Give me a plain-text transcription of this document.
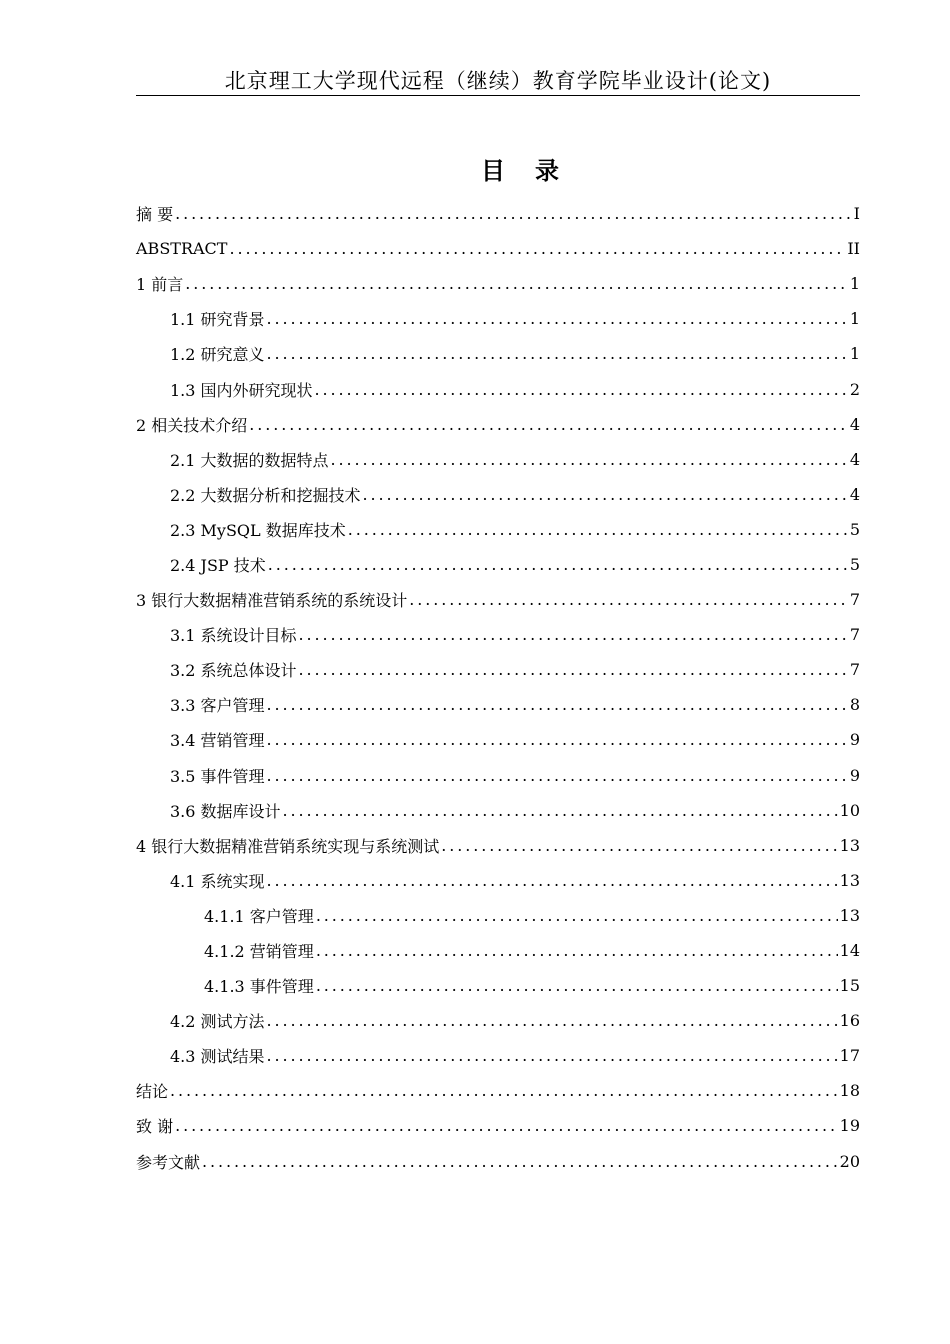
北京理工大学现代远程（继续）教育学院毕业设计(论文)
目录
摘 要 .....	I
ABSTRACT .....	II
1 前言 .....	1
1.1 研究背景 .....	1
1.2 研究意义 .....	1
1.3 国内外研究现状 .....	2
2 相关技术介绍 .....	4
2.1 大数据的数据特点 .....	4
2.2 大数据分析和挖掘技术 .....	4
2.3 MySQL 数据库技术 .....	5
2.4 JSP 技术 .....	5
3 银行大数据精准营销系统的系统设计 .....	7
3.1 系统设计目标 .....	7
3.2 系统总体设计 .....	7
3.3 客户管理 .....	8
3.4 营销管理 .....	9
3.5 事件管理 .....	9
3.6 数据库设计 .....	10
4 银行大数据精准营销系统实现与系统测试 .....	13
4.1 系统实现 .....	13
4.1.1 客户管理 .....	13
4.1.2 营销管理 .....	14
4.1.3 事件管理 .....	15
4.2 测试方法 .....	16
4.3 测试结果 .....	17
结论 .....	18
致 谢 .....	19
参考文献 .....	20
